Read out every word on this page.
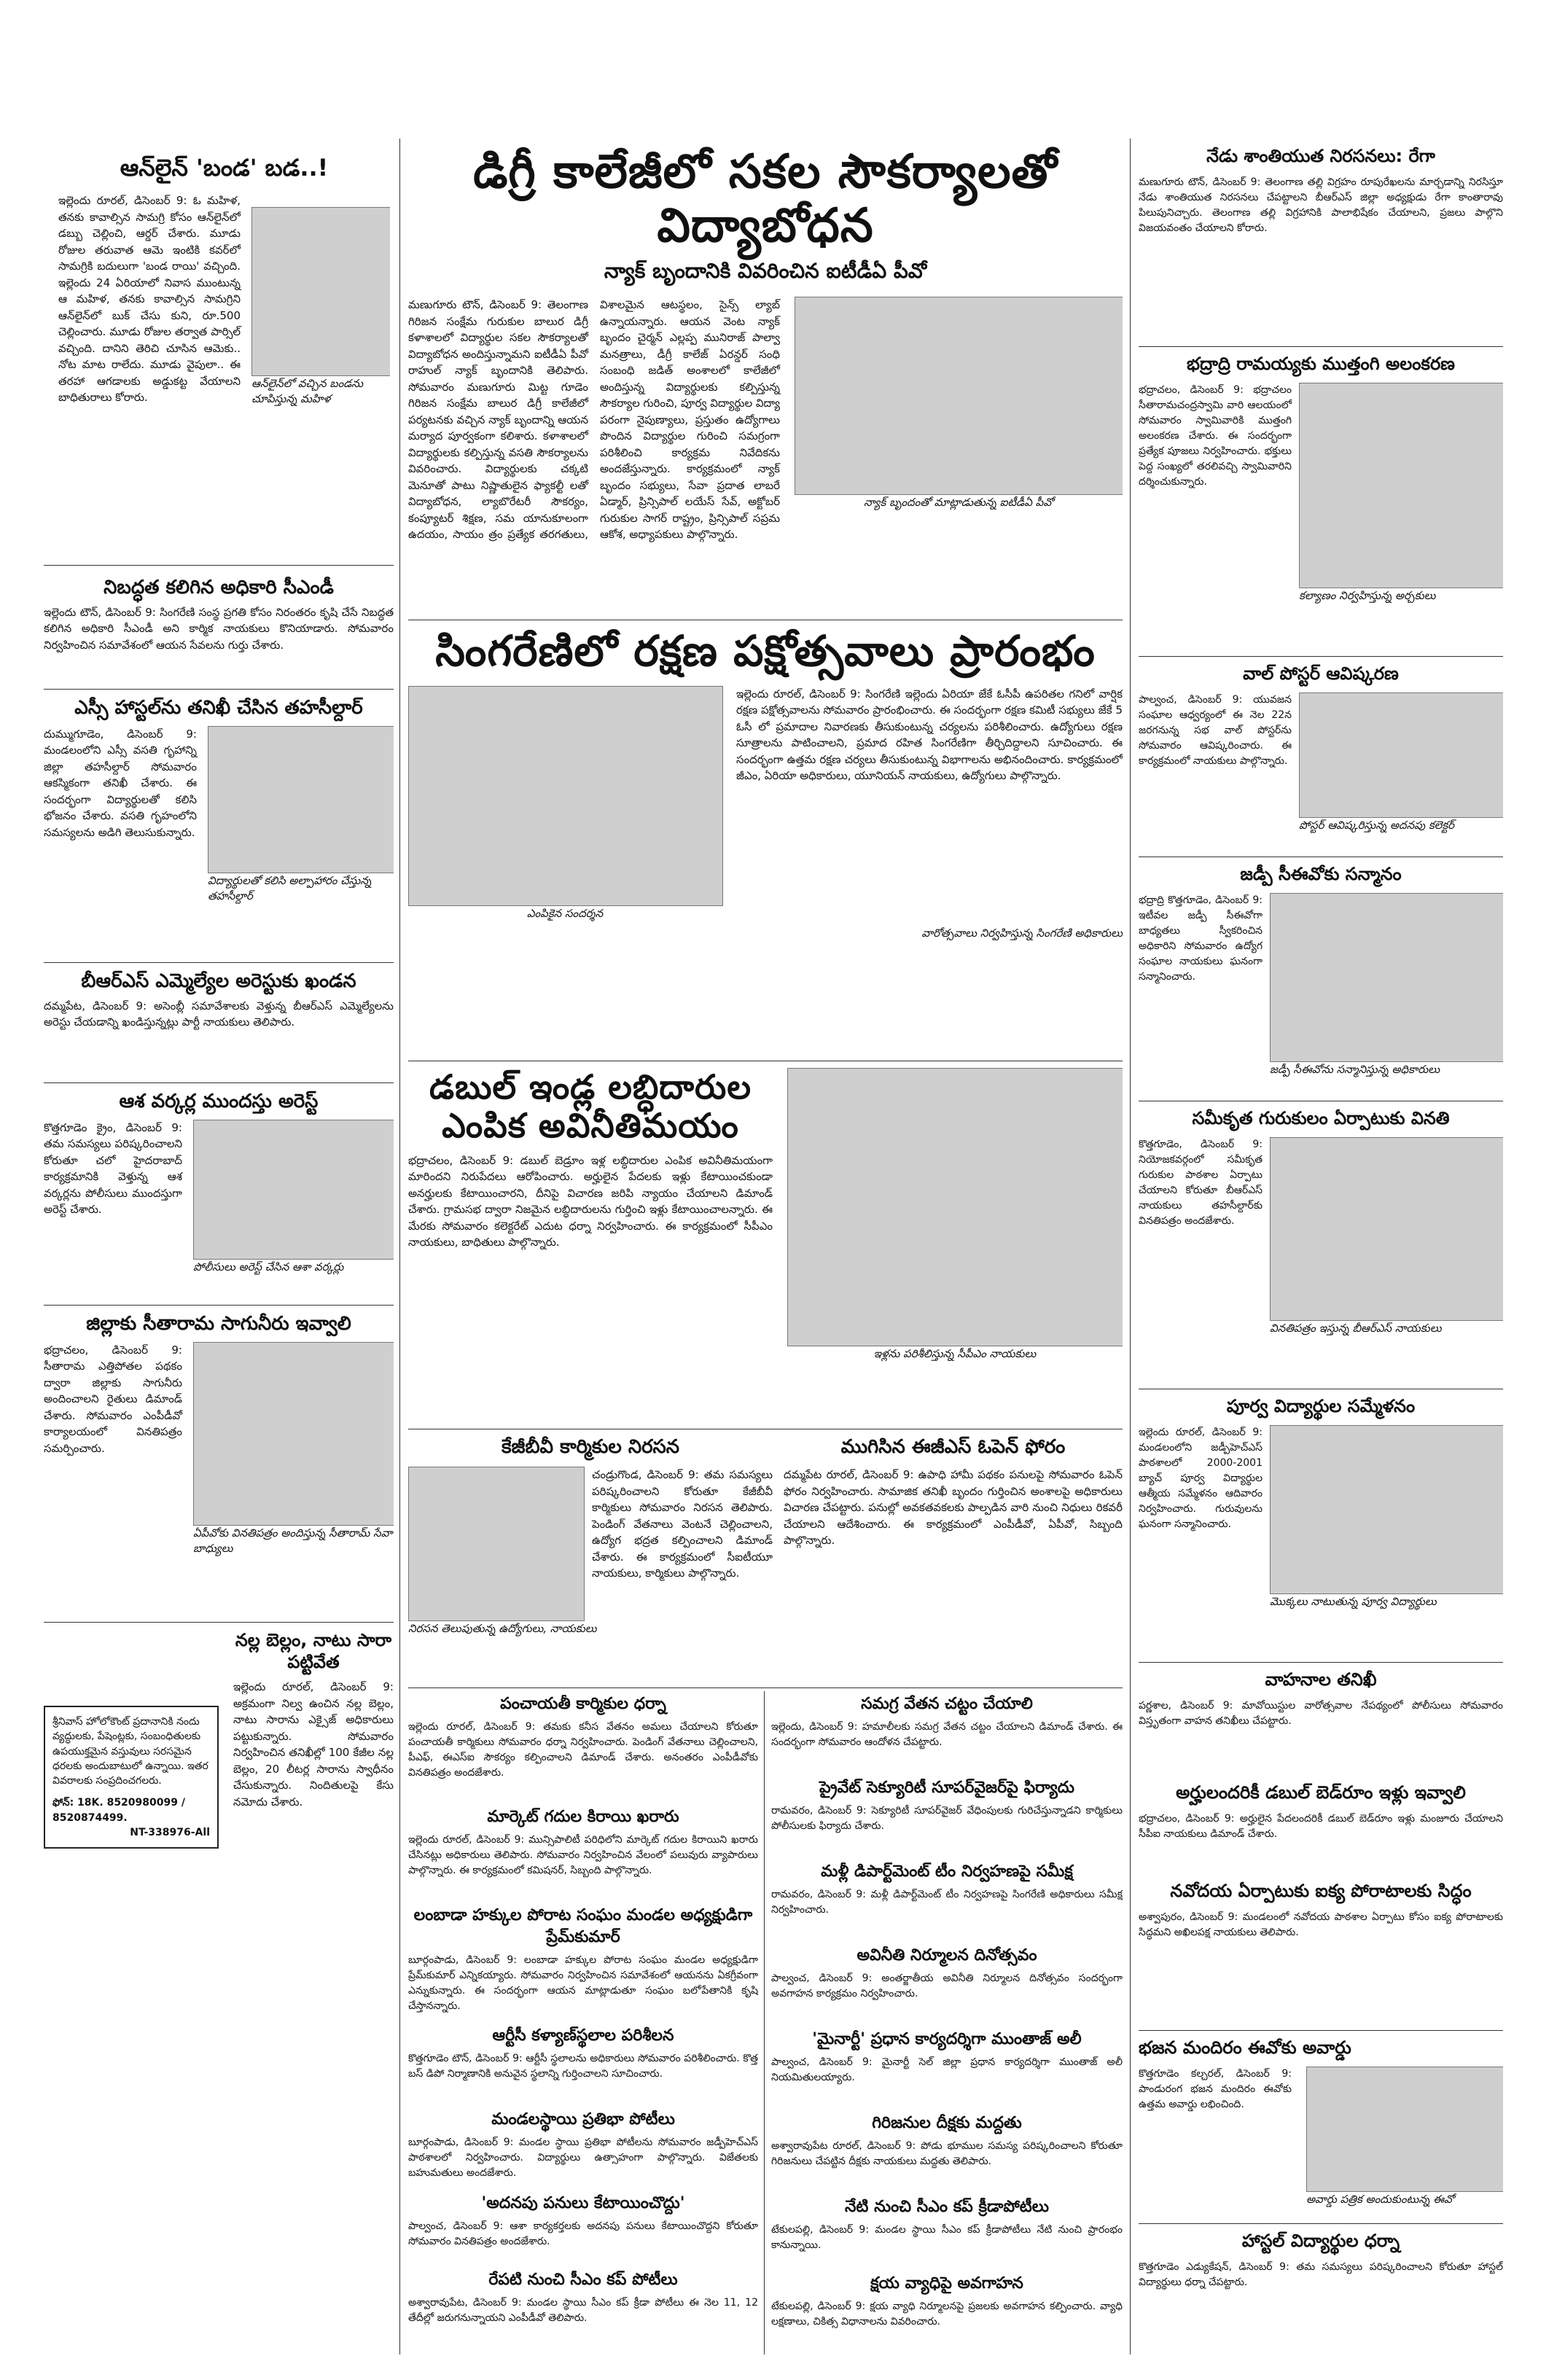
ఆన్‌లైన్ 'బండ' బడ..!
ఇల్లెందు రూరల్, డిసెంబర్ 9: ఓ మహిళ, తనకు కావాల్సిన సామగ్రి కోసం ఆన్‌లైన్‌లో డబ్బు చెల్లించి, ఆర్డర్ చేశారు. మూడు రోజుల తరువాత ఆమె ఇంటికి కవర్‌లో సామగ్రికి బదులుగా 'బండ రాయి' వచ్చింది. ఇల్లెందు 24 ఏరియాలో నివాస ముంటున్న ఆ మహిళ, తనకు కావాల్సిన సామగ్రిని ఆన్‌లైన్‌లో బుక్ చేసు కుని, రూ.500 చెల్లించారు. మూడు రోజుల తర్వాత పార్సిల్ వచ్చింది. దానిని తెరిచి చూసిన ఆమెకు.. నోట మాట రాలేదు. మూడు వైపులా.. ఈ తరహా ఆగడాలకు అడ్డుకట్ట వేయాలని బాధితురాలు కోరారు.
ఆన్‌లైన్‌లో వచ్చిన బండను చూపిస్తున్న మహిళ
నిబద్ధత కలిగిన అధికారి సీఎండీ
ఇల్లెందు టౌన్, డిసెంబర్ 9: సింగరేణి సంస్థ ప్రగతి కోసం నిరంతరం కృషి చేసే నిబద్ధత కలిగిన అధికారి సీఎండీ అని కార్మిక నాయకులు కొనియాడారు. సోమవారం నిర్వహించిన సమావేశంలో ఆయన సేవలను గుర్తు చేశారు.
ఎస్సీ హాస్టల్‌ను తనిఖీ చేసిన తహసీల్దార్
దుమ్ముగూడెం, డిసెంబర్ 9: మండలంలోని ఎస్సీ వసతి గృహాన్ని జిల్లా తహసీల్దార్ సోమవారం ఆకస్మికంగా తనిఖీ చేశారు. ఈ సందర్భంగా విద్యార్థులతో కలిసి భోజనం చేశారు. వసతి గృహంలోని సమస్యలను అడిగి తెలుసుకున్నారు.
విద్యార్థులతో కలిసి అల్పాహారం చేస్తున్న తహసీల్దార్
బీఆర్ఎస్ ఎమ్మెల్యేల అరెస్టుకు ఖండన
దమ్మపేట, డిసెంబర్ 9: అసెంబ్లీ సమావేశాలకు వెళ్తున్న బీఆర్ఎస్ ఎమ్మెల్యేలను అరెస్టు చేయడాన్ని ఖండిస్తున్నట్లు పార్టీ నాయకులు తెలిపారు.
ఆశ వర్కర్ల ముందస్తు అరెస్ట్
కొత్తగూడెం క్రైం, డిసెంబర్ 9: తమ సమస్యలు పరిష్కరించాలని కోరుతూ చలో హైదరాబాద్ కార్యక్రమానికి వెళ్తున్న ఆశ వర్కర్లను పోలీసులు ముందస్తుగా అరెస్ట్ చేశారు.
పోలీసులు అరెస్ట్ చేసిన ఆశా వర్కర్లు
జిల్లాకు సీతారామ సాగునీరు ఇవ్వాలి
భద్రాచలం, డిసెంబర్ 9: సీతారామ ఎత్తిపోతల పథకం ద్వారా జిల్లాకు సాగునీరు అందించాలని రైతులు డిమాండ్ చేశారు. సోమవారం ఎంపీడీవో కార్యాలయంలో వినతిపత్రం సమర్పించారు.
ఏపీవోకు వినతిపత్రం అందిస్తున్న సీతారామ్ సేవా బాధ్యులు
శ్రీనివాస్ హోలోకౌంట్ ప్రదానానికి నందు వ్యద్ధులకు, పేషెంట్లకు, సంబంధితులకు ఉపయుక్తమైన వస్తువులు సరసమైన ధరలకు అందుబాటులో ఉన్నాయి. ఇతర వివరాలకు సంప్రదించగలరు.
ఫోన్: 18K. 8520980099 / 8520874499.
NT-338976-All
నల్ల బెల్లం, నాటు సారా పట్టివేత
ఇల్లెందు రూరల్, డిసెంబర్ 9: అక్రమంగా నిల్వ ఉంచిన నల్ల బెల్లం, నాటు సారాను ఎక్సైజ్ అధికారులు పట్టుకున్నారు. సోమవారం నిర్వహించిన తనిఖీల్లో 100 కేజీల నల్ల బెల్లం, 20 లీటర్ల సారాను స్వాధీనం చేసుకున్నారు. నిందితులపై కేసు నమోదు చేశారు.
డిగ్రీ కాలేజీలో సకల సౌకర్యాలతో విద్యాబోధన
న్యాక్ బృందానికి వివరించిన ఐటీడీఏ పీవో
మణుగూరు టౌన్, డిసెంబర్ 9: తెలంగాణ గిరిజన సంక్షేమ గురుకుల బాలుర డిగ్రీ కళాశాలలో విద్యార్థుల సకల సౌకర్యాలతో విద్యాబోధన అందిస్తున్నామని ఐటీడీఏ పీవో రాహుల్ న్యాక్ బృందానికి తెలిపారు. సోమవారం మణుగూరు మిట్ట గూడెం గిరిజన సంక్షేమ బాలుర డిగ్రీ కాలేజీలో పర్యటనకు వచ్చిన న్యాక్ బృందాన్ని ఆయన మర్యాద పూర్వకంగా కలిశారు. కళాశాలలో విద్యార్థులకు కల్పిస్తున్న వసతి సౌకర్యాలను వివరించారు. విద్యార్థులకు చక్కటి మెనూతో పాటు నిష్ణాతులైన ఫ్యాకల్టీ లతో విద్యాబోధన, ల్యాబొరేటరీ సౌకర్యం, కంప్యూటర్ శిక్షణ, సమ యానుకూలంగా ఉదయం, సాయం త్రం ప్రత్యేక తరగతులు, విశాలమైన ఆటస్థలం, సైన్స్ ల్యాబ్ ఉన్నాయన్నారు. ఆయన వెంట న్యాక్ బృందం చైర్మన్ ఎల్లప్ప మునిరాజ్ పాల్వా మనత్రాలు, డీగ్రీ కాలేజ్ ఏరన్డర్ సంధి సంబంధి జడిత్ అంశాలలో కాలేజీలో అందిస్తున్న విద్యార్థులకు కల్పిస్తున్న సౌకర్యాల గురించి, పూర్వ విద్యార్థుల విద్యా పరంగా నైపుణ్యాలు, ప్రస్తుతం ఉద్యోగాలు పొందిన విద్యార్థుల గురించి సమగ్రంగా పరిశీలించి కార్యక్రమ నివేదికను అందజేస్తున్నారు. కార్యక్రమంలో న్యాక్ బృందం సభ్యులు, సేవా ప్రదాత లాబరే ఏడ్మార్, ప్రిన్సిపాల్ లయేస్ సేవ్, అక్టోబర్ గురుకుల సాగర్ రాష్ట్రం, ప్రిన్సిపాల్ సప్రమ ఆకోశ, అధ్యాపకులు పాల్గొన్నారు.
న్యాక్ బృందంతో మాట్లాడుతున్న ఐటీడీఏ పీవో
సింగరేణిలో రక్షణ పక్షోత్సవాలు ప్రారంభం
ఎంపికైన సందర్శన
ఇల్లెందు రూరల్, డిసెంబర్ 9: సింగరేణి ఇల్లెందు ఏరియా జేకే ఓసీపీ ఉపరితల గనిలో వార్షిక రక్షణ పక్షోత్సవాలను సోమవారం ప్రారంభించారు. ఈ సందర్భంగా రక్షణ కమిటీ సభ్యులు జేకే 5 ఓసీ లో ప్రమాదాల నివారణకు తీసుకుంటున్న చర్యలను పరిశీలించారు. ఉద్యోగులు రక్షణ సూత్రాలను పాటించాలని, ప్రమాద రహిత సింగరేణిగా తీర్చిదిద్దాలని సూచించారు. ఈ సందర్భంగా ఉత్తమ రక్షణ చర్యలు తీసుకుంటున్న విభాగాలను అభినందించారు. కార్యక్రమంలో జీఎం, ఏరియా అధికారులు, యూనియన్ నాయకులు, ఉద్యోగులు పాల్గొన్నారు.
వారోత్సవాలు నిర్వహిస్తున్న సింగరేణి అధికారులు
డబుల్ ఇండ్ల లబ్ధిదారుల ఎంపిక అవినీతిమయం
భద్రాచలం, డిసెంబర్ 9: డబుల్ బెడ్రూం ఇళ్ల లబ్ధిదారుల ఎంపిక అవినీతిమయంగా మారిందని నిరుపేదలు ఆరోపించారు. అర్హులైన పేదలకు ఇళ్లు కేటాయించకుండా అనర్హులకు కేటాయించారని, దీనిపై విచారణ జరిపి న్యాయం చేయాలని డిమాండ్ చేశారు. గ్రామసభ ద్వారా నిజమైన లబ్ధిదారులను గుర్తించి ఇళ్లు కేటాయించాలన్నారు. ఈ మేరకు సోమవారం కలెక్టరేట్ ఎదుట ధర్నా నిర్వహించారు. ఈ కార్యక్రమంలో సీపీఎం నాయకులు, బాధితులు పాల్గొన్నారు.
ఇళ్లను పరిశీలిస్తున్న సీపీఎం నాయకులు
కేజీబీవీ కార్మికుల నిరసన
చండ్రుగొండ, డిసెంబర్ 9: తమ సమస్యలు పరిష్కరించాలని కోరుతూ కేజీబీవీ కార్మికులు సోమవారం నిరసన తెలిపారు. పెండింగ్ వేతనాలు వెంటనే చెల్లించాలని, ఉద్యోగ భద్రత కల్పించాలని డిమాండ్ చేశారు. ఈ కార్యక్రమంలో సీఐటీయూ నాయకులు, కార్మికులు పాల్గొన్నారు.
నిరసన తెలుపుతున్న ఉద్యోగులు, నాయకులు
ముగిసిన ఈజీఎస్ ఓపెన్ ఫోరం
దమ్మపేట రూరల్, డిసెంబర్ 9: ఉపాధి హామీ పథకం పనులపై సోమవారం ఓపెన్ ఫోరం నిర్వహించారు. సామాజిక తనిఖీ బృందం గుర్తించిన అంశాలపై అధికారులు విచారణ చేపట్టారు. పనుల్లో అవకతవకలకు పాల్పడిన వారి నుంచి నిధులు రికవరీ చేయాలని ఆదేశించారు. ఈ కార్యక్రమంలో ఎంపీడీవో, ఏపీవో, సిబ్బంది పాల్గొన్నారు.
పంచాయతీ కార్మికుల ధర్నా
ఇల్లెందు రూరల్, డిసెంబర్ 9: తమకు కనీస వేతనం అమలు చేయాలని కోరుతూ పంచాయతీ కార్మికులు సోమవారం ధర్నా నిర్వహించారు. పెండింగ్ వేతనాలు చెల్లించాలని, పీఎఫ్, ఈఎస్ఐ సౌకర్యం కల్పించాలని డిమాండ్ చేశారు. అనంతరం ఎంపీడీవోకు వినతిపత్రం అందజేశారు.
మార్కెట్ గదుల కిరాయి ఖరారు
ఇల్లెందు రూరల్, డిసెంబర్ 9: మున్సిపాలిటీ పరిధిలోని మార్కెట్ గదుల కిరాయిని ఖరారు చేసినట్లు అధికారులు తెలిపారు. సోమవారం నిర్వహించిన వేలంలో పలువురు వ్యాపారులు పాల్గొన్నారు. ఈ కార్యక్రమంలో కమిషనర్, సిబ్బంది పాల్గొన్నారు.
లంబాడా హక్కుల పోరాట సంఘం మండల అధ్యక్షుడిగా ప్రేమ్‌కుమార్
బూర్గంపాడు, డిసెంబర్ 9: లంబాడా హక్కుల పోరాట సంఘం మండల అధ్యక్షుడిగా ప్రేమ్‌కుమార్ ఎన్నికయ్యారు. సోమవారం నిర్వహించిన సమావేశంలో ఆయనను ఏకగ్రీవంగా ఎన్నుకున్నారు. ఈ సందర్భంగా ఆయన మాట్లాడుతూ సంఘం బలోపేతానికి కృషి చేస్తానన్నారు.
ఆర్టీసీ కళ్యాణ్‌స్థలాల పరిశీలన
కొత్తగూడెం టౌన్, డిసెంబర్ 9: ఆర్టీసీ స్థలాలను అధికారులు సోమవారం పరిశీలించారు. కొత్త బస్ డిపో నిర్మాణానికి అనువైన స్థలాన్ని గుర్తించాలని సూచించారు.
మండలస్థాయి ప్రతిభా పోటీలు
బూర్గంపాడు, డిసెంబర్ 9: మండల స్థాయి ప్రతిభా పోటీలను సోమవారం జడ్పీహెచ్ఎస్ పాఠశాలలో నిర్వహించారు. విద్యార్థులు ఉత్సాహంగా పాల్గొన్నారు. విజేతలకు బహుమతులు అందజేశారు.
'అదనపు పనులు కేటాయించొద్దు'
పాల్వంచ, డిసెంబర్ 9: ఆశా కార్యకర్తలకు అదనపు పనులు కేటాయించొద్దని కోరుతూ సోమవారం వినతిపత్రం అందజేశారు.
రేపటి నుంచి సీఎం కప్ పోటీలు
అశ్వారావుపేట, డిసెంబర్ 9: మండల స్థాయి సీఎం కప్ క్రీడా పోటీలు ఈ నెల 11, 12 తేదీల్లో జరుగనున్నాయని ఎంపీడీవో తెలిపారు.
సమగ్ర వేతన చట్టం చేయాలి
ఇల్లెందు, డిసెంబర్ 9: హమాలీలకు సమగ్ర వేతన చట్టం చేయాలని డిమాండ్ చేశారు. ఈ సందర్భంగా సోమవారం ఆందోళన చేపట్టారు.
ప్రైవేట్ సెక్యూరిటీ సూపర్‌వైజర్‌పై ఫిర్యాదు
రామవరం, డిసెంబర్ 9: సెక్యూరిటీ సూపర్‌వైజర్ వేధింపులకు గురిచేస్తున్నాడని కార్మికులు పోలీసులకు ఫిర్యాదు చేశారు.
మళ్లీ డిపార్ట్‌మెంట్ టీం నిర్వహణపై సమీక్ష
రామవరం, డిసెంబర్ 9: మళ్లీ డిపార్ట్‌మెంట్ టీం నిర్వహణపై సింగరేణి అధికారులు సమీక్ష నిర్వహించారు.
అవినీతి నిర్మూలన దినోత్సవం
పాల్వంచ, డిసెంబర్ 9: అంతర్జాతీయ అవినీతి నిర్మూలన దినోత్సవం సందర్భంగా అవగాహన కార్యక్రమం నిర్వహించారు.
'మైనార్టీ' ప్రధాన కార్యదర్శిగా ముంతాజ్ అలీ
పాల్వంచ, డిసెంబర్ 9: మైనార్టీ సెల్ జిల్లా ప్రధాన కార్యదర్శిగా ముంతాజ్ అలీ నియమితులయ్యారు.
గిరిజనుల దీక్షకు మద్దతు
అశ్వారావుపేట రూరల్, డిసెంబర్ 9: పోడు భూముల సమస్య పరిష్కరించాలని కోరుతూ గిరిజనులు చేపట్టిన దీక్షకు నాయకులు మద్దతు తెలిపారు.
నేటి నుంచి సీఎం కప్ క్రీడాపోటీలు
టేకులపల్లి, డిసెంబర్ 9: మండల స్థాయి సీఎం కప్ క్రీడాపోటీలు నేటి నుంచి ప్రారంభం కానున్నాయి.
క్షయ వ్యాధిపై అవగాహన
టేకులపల్లి, డిసెంబర్ 9: క్షయ వ్యాధి నిర్మూలనపై ప్రజలకు అవగాహన కల్పించారు. వ్యాధి లక్షణాలు, చికిత్స విధానాలను వివరించారు.
నేడు శాంతియుత నిరసనలు: రేగా
మణుగూరు టౌన్, డిసెంబర్ 9: తెలంగాణ తల్లి విగ్రహం రూపురేఖలను మార్చడాన్ని నిరసిస్తూ నేడు శాంతియుత నిరసనలు చేపట్టాలని బీఆర్ఎస్ జిల్లా అధ్యక్షుడు రేగా కాంతారావు పిలుపునిచ్చారు. తెలంగాణ తల్లి విగ్రహానికి పాలాభిషేకం చేయాలని, ప్రజలు పాల్గొని విజయవంతం చేయాలని కోరారు.
భద్రాద్రి రామయ్యకు ముత్తంగి అలంకరణ
భద్రాచలం, డిసెంబర్ 9: భద్రాచలం సీతారామచంద్రస్వామి వారి ఆలయంలో సోమవారం స్వామివారికి ముత్తంగి అలంకరణ చేశారు. ఈ సందర్భంగా ప్రత్యేక పూజలు నిర్వహించారు. భక్తులు పెద్ద సంఖ్యలో తరలివచ్చి స్వామివారిని దర్శించుకున్నారు.
కల్యాణం నిర్వహిస్తున్న అర్చకులు
వాల్ పోస్టర్ ఆవిష్కరణ
పాల్వంచ, డిసెంబర్ 9: యువజన సంఘాల ఆధ్వర్యంలో ఈ నెల 22న జరగనున్న సభ వాల్ పోస్టర్‌ను సోమవారం ఆవిష్కరించారు. ఈ కార్యక్రమంలో నాయకులు పాల్గొన్నారు.
పోస్టర్ ఆవిష్కరిస్తున్న అదనపు కలెక్టర్
జడ్పీ సీఈవోకు సన్మానం
భద్రాద్రి కొత్తగూడెం, డిసెంబర్ 9: ఇటీవల జడ్పీ సీఈవోగా బాధ్యతలు స్వీకరించిన అధికారిని సోమవారం ఉద్యోగ సంఘాల నాయకులు ఘనంగా సన్మానించారు.
జడ్పీ సీఈవోను సన్మానిస్తున్న అధికారులు
సమీకృత గురుకులం ఏర్పాటుకు వినతి
కొత్తగూడెం, డిసెంబర్ 9: నియోజకవర్గంలో సమీకృత గురుకుల పాఠశాల ఏర్పాటు చేయాలని కోరుతూ బీఆర్ఎస్ నాయకులు తహసీల్దార్‌కు వినతిపత్రం అందజేశారు.
వినతిపత్రం ఇస్తున్న బీఆర్ఎస్ నాయకులు
పూర్వ విద్యార్థుల సమ్మేళనం
ఇల్లెందు రూరల్, డిసెంబర్ 9: మండలంలోని జడ్పీహెచ్ఎస్ పాఠశాలలో 2000-2001 బ్యాచ్ పూర్వ విద్యార్థుల ఆత్మీయ సమ్మేళనం ఆదివారం నిర్వహించారు. గురువులను ఘనంగా సన్మానించారు.
మొక్కలు నాటుతున్న పూర్వ విద్యార్థులు
వాహనాల తనిఖీ
పర్ణశాల, డిసెంబర్ 9: మావోయిస్టుల వారోత్సవాల నేపథ్యంలో పోలీసులు సోమవారం విస్తృతంగా వాహన తనిఖీలు చేపట్టారు.
అర్హులందరికీ డబుల్ బెడ్‌రూం ఇళ్లు ఇవ్వాలి
భద్రాచలం, డిసెంబర్ 9: అర్హులైన పేదలందరికీ డబుల్ బెడ్‌రూం ఇళ్లు మంజూరు చేయాలని సీపీఐ నాయకులు డిమాండ్ చేశారు.
నవోదయ ఏర్పాటుకు ఐక్య పోరాటాలకు సిద్ధం
అశ్వాపురం, డిసెంబర్ 9: మండలంలో నవోదయ పాఠశాల ఏర్పాటు కోసం ఐక్య పోరాటాలకు సిద్ధమని అఖిలపక్ష నాయకులు తెలిపారు.
భజన మందిరం ఈవోకు అవార్డు
కొత్తగూడెం కల్చరల్, డిసెంబర్ 9: పాండురంగ భజన మందిరం ఈవోకు ఉత్తమ అవార్డు లభించింది.
అవార్డు పత్రిక అందుకుంటున్న ఈవో
హాస్టల్ విద్యార్థుల ధర్నా
కొత్తగూడెం ఎడ్యుకేషన్, డిసెంబర్ 9: తమ సమస్యలు పరిష్కరించాలని కోరుతూ హాస్టల్ విద్యార్థులు ధర్నా చేపట్టారు.
